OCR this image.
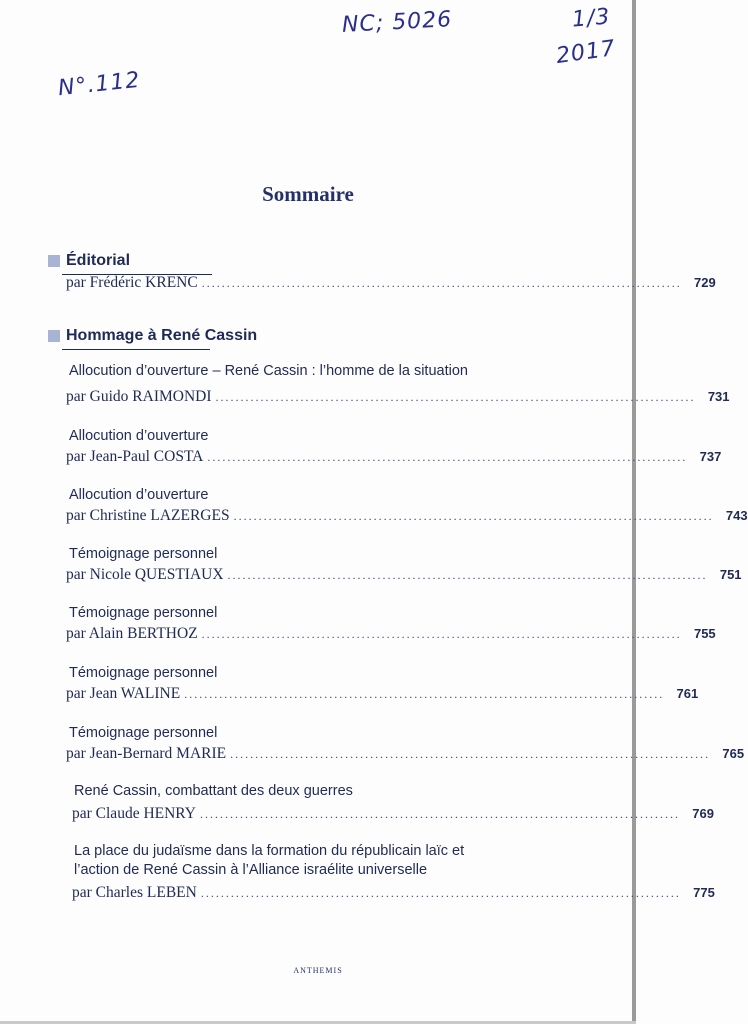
NC; 5026	1/3
2017
N°.112
Sommaire
Éditorial
par Frédéric KRENC ................................................................................................ 729
Hommage à René Cassin
Allocution d’ouverture – René Cassin : l’homme de la situation
par Guido RAIMONDI ................................................................................................ 731
Allocution d’ouverture
par Jean-Paul COSTA ................................................................................................ 737
Allocution d’ouverture
par Christine LAZERGES ................................................................................................ 743
Témoignage personnel
par Nicole QUESTIAUX ................................................................................................ 751
Témoignage personnel
par Alain BERTHOZ ................................................................................................ 755
Témoignage personnel
par Jean WALINE ................................................................................................ 761
Témoignage personnel
par Jean-Bernard MARIE ................................................................................................ 765
René Cassin, combattant des deux guerres
par Claude HENRY ................................................................................................ 769
La place du judaïsme dans la formation du républicain laïc et
l’action de René Cassin à l’Alliance israélite universelle
par Charles LEBEN ................................................................................................ 775
ANTHEMIS
